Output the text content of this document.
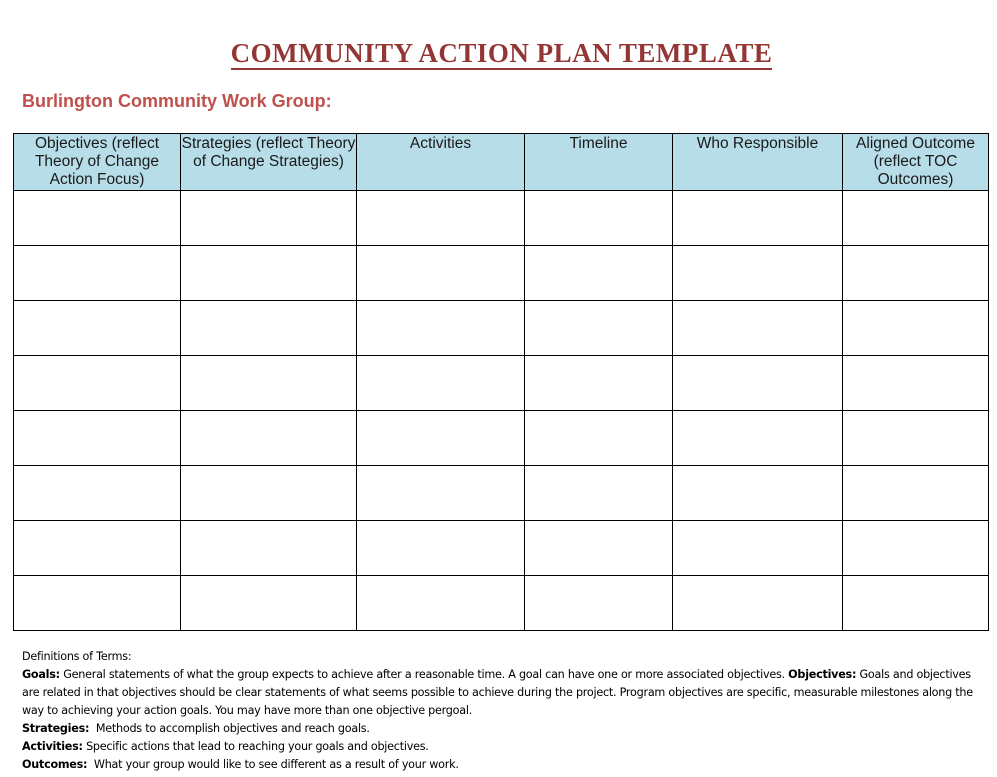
COMMUNITY ACTION PLAN TEMPLATE
Burlington Community Work Group:
Objectives (reflect Theory of Change Action Focus)	Strategies (reflect Theory of Change Strategies)	Activities	Timeline	Who Responsible	Aligned Outcome (reflect TOC Outcomes)

Definitions of Terms:
Goals: General statements of what the group expects to achieve after a reasonable time. A goal can have one or more associated objectives. Objectives: Goals and objectives are related in that objectives should be clear statements of what seems possible to achieve during the project. Program objectives are specific, measurable milestones along the way to achieving your action goals. You may have more than one objective pergoal.
Strategies:  Methods to accomplish objectives and reach goals.
Activities: Specific actions that lead to reaching your goals and objectives.
Outcomes:  What your group would like to see different as a result of your work.
